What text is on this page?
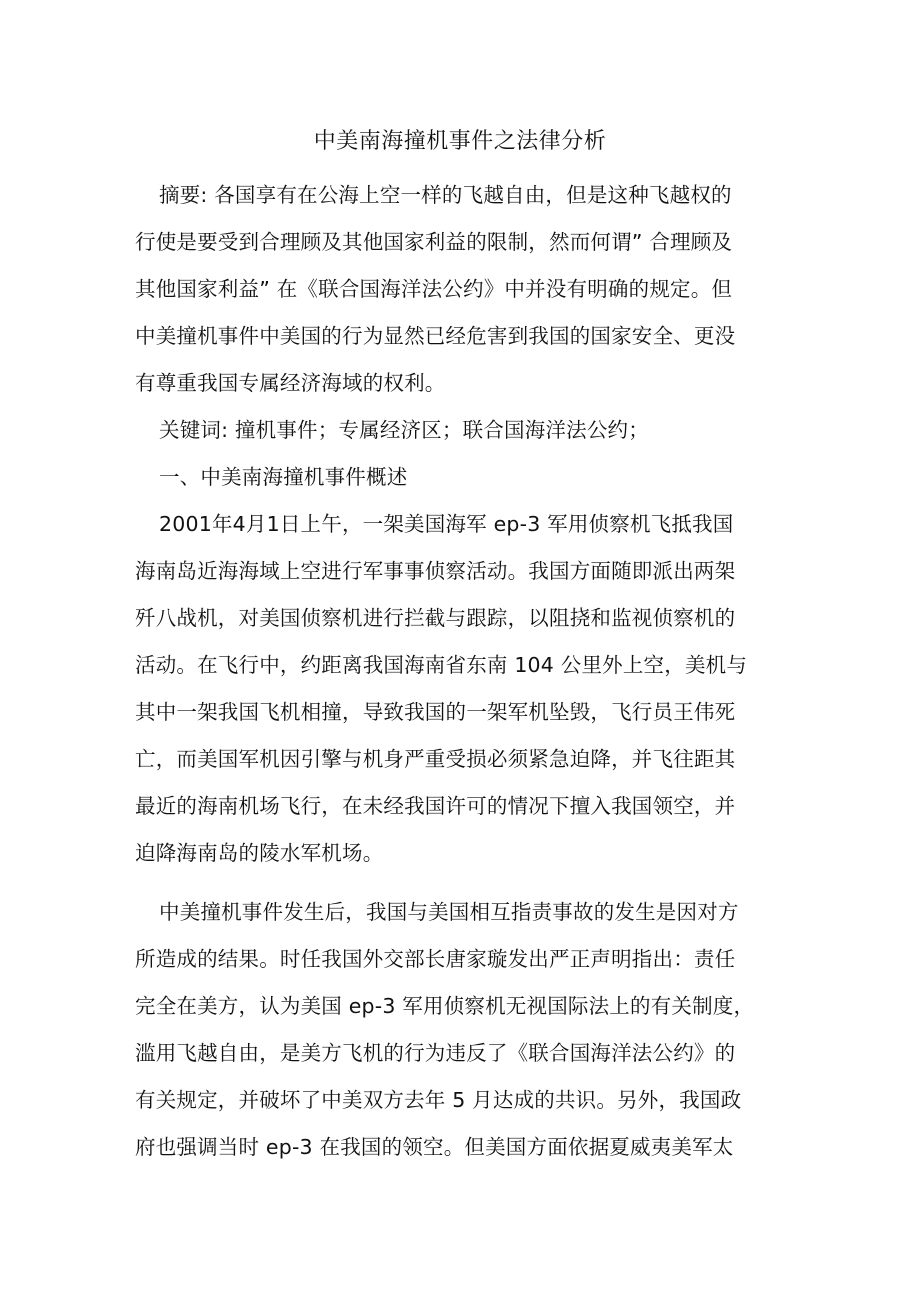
中美南海撞机事件之法律分析
摘要: 各国享有在公海上空一样的飞越自由，但是这种飞越权的
行使是要受到合理顾及其他国家利益的限制，然而何谓” 合理顾及
其他国家利益” 在《联合国海洋法公约》中并没有明确的规定。但
中美撞机事件中美国的行为显然已经危害到我国的国家安全、更没
有尊重我国专属经济海域的权利。
关键词: 撞机事件；专属经济区；联合国海洋法公约；
一、中美南海撞机事件概述
2001年4月1日上午，一架美国海军 ep-3 军用侦察机飞抵我国
海南岛近海海域上空进行军事事侦察活动。我国方面随即派出两架
歼八战机，对美国侦察机进行拦截与跟踪，以阻挠和监视侦察机的
活动。在飞行中，约距离我国海南省东南 104 公里外上空，美机与
其中一架我国飞机相撞，导致我国的一架军机坠毁，飞行员王伟死
亡，而美国军机因引擎与机身严重受损必须紧急迫降，并飞往距其
最近的海南机场飞行，在未经我国许可的情况下擅入我国领空，并
迫降海南岛的陵水军机场。
中美撞机事件发生后，我国与美国相互指责事故的发生是因对方
所造成的结果。时任我国外交部长唐家璇发出严正声明指出：责任
完全在美方，认为美国 ep-3 军用侦察机无视国际法上的有关制度，
滥用飞越自由，是美方飞机的行为违反了《联合国海洋法公约》的
有关规定，并破坏了中美双方去年 5 月达成的共识。另外，我国政
府也强调当时 ep-3 在我国的领空。但美国方面依据夏威夷美军太
